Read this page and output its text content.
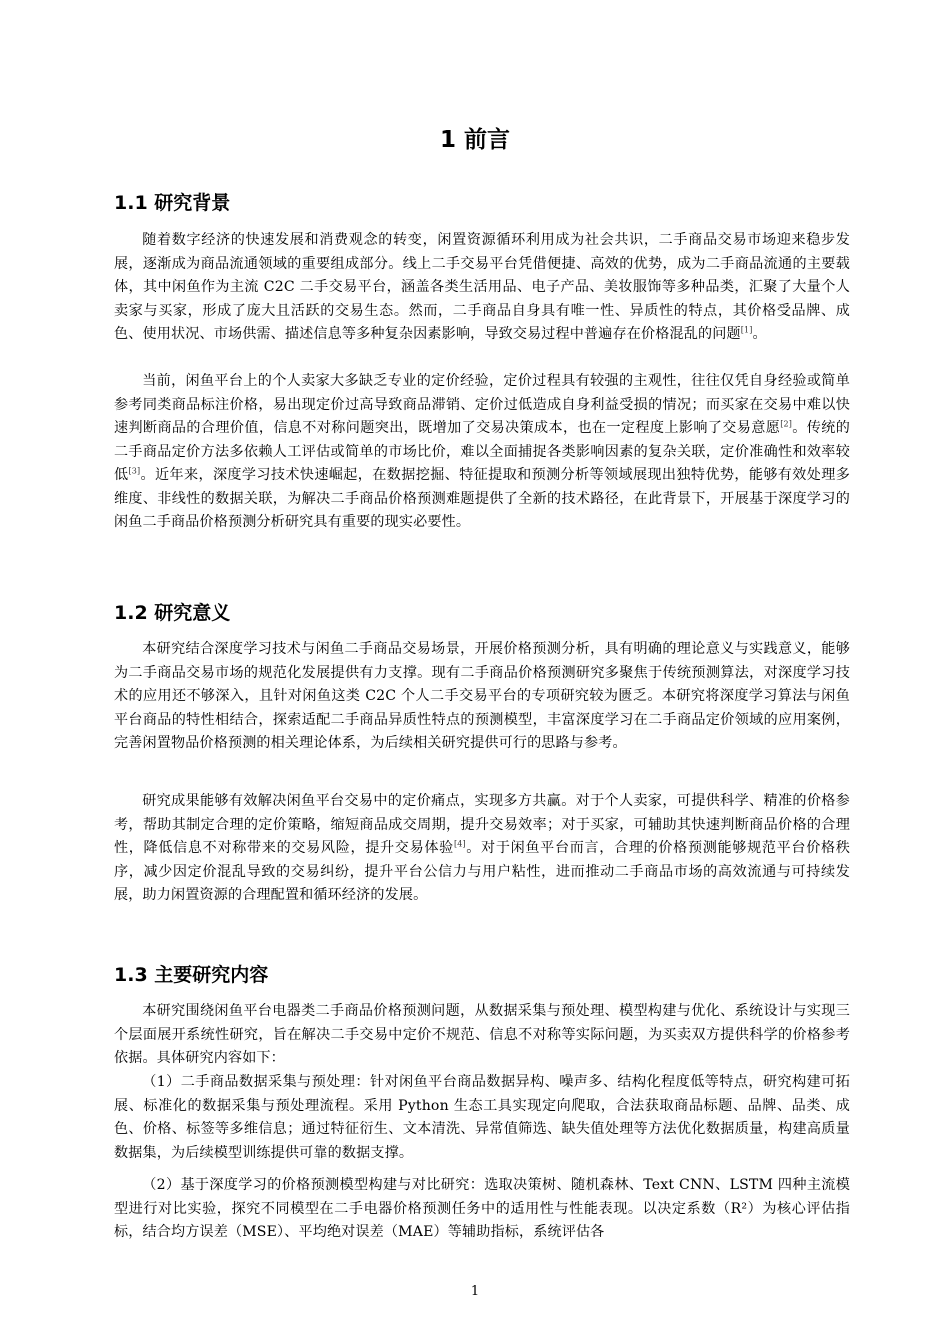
1 前言
1.1 研究背景

随着数字经济的快速发展和消费观念的转变，闲置资源循环利用成为社会共识，二手商品交易市场迎来稳步发展，逐渐成为商品流通领域的重要组成部分。线上二手交易平台凭借便捷、高效的优势，成为二手商品流通的主要载体，其中闲鱼作为主流 C2C 二手交易平台，涵盖各类生活用品、电子产品、美妆服饰等多种品类，汇聚了大量个人卖家与买家，形成了庞大且活跃的交易生态。然而，二手商品自身具有唯一性、异质性的特点，其价格受品牌、成色、使用状况、市场供需、描述信息等多种复杂因素影响，导致交易过程中普遍存在价格混乱的问题[1]。

当前，闲鱼平台上的个人卖家大多缺乏专业的定价经验，定价过程具有较强的主观性，往往仅凭自身经验或简单参考同类商品标注价格，易出现定价过高导致商品滞销、定价过低造成自身利益受损的情况；而买家在交易中难以快速判断商品的合理价值，信息不对称问题突出，既增加了交易决策成本，也在一定程度上影响了交易意愿[2]。传统的二手商品定价方法多依赖人工评估或简单的市场比价，难以全面捕捉各类影响因素的复杂关联，定价准确性和效率较低[3]。近年来，深度学习技术快速崛起，在数据挖掘、特征提取和预测分析等领域展现出独特优势，能够有效处理多维度、非线性的数据关联，为解决二手商品价格预测难题提供了全新的技术路径，在此背景下，开展基于深度学习的闲鱼二手商品价格预测分析研究具有重要的现实必要性。

1.2 研究意义

本研究结合深度学习技术与闲鱼二手商品交易场景，开展价格预测分析，具有明确的理论意义与实践意义，能够为二手商品交易市场的规范化发展提供有力支撑。现有二手商品价格预测研究多聚焦于传统预测算法，对深度学习技术的应用还不够深入，且针对闲鱼这类 C2C 个人二手交易平台的专项研究较为匮乏。本研究将深度学习算法与闲鱼平台商品的特性相结合，探索适配二手商品异质性特点的预测模型，丰富深度学习在二手商品定价领域的应用案例，完善闲置物品价格预测的相关理论体系，为后续相关研究提供可行的思路与参考。

研究成果能够有效解决闲鱼平台交易中的定价痛点，实现多方共赢。对于个人卖家，可提供科学、精准的价格参考，帮助其制定合理的定价策略，缩短商品成交周期，提升交易效率；对于买家，可辅助其快速判断商品价格的合理性，降低信息不对称带来的交易风险，提升交易体验[4]。对于闲鱼平台而言，合理的价格预测能够规范平台价格秩序，减少因定价混乱导致的交易纠纷，提升平台公信力与用户粘性，进而推动二手商品市场的高效流通与可持续发展，助力闲置资源的合理配置和循环经济的发展。

1.3 主要研究内容

本研究围绕闲鱼平台电器类二手商品价格预测问题，从数据采集与预处理、模型构建与优化、系统设计与实现三个层面展开系统性研究，旨在解决二手交易中定价不规范、信息不对称等实际问题，为买卖双方提供科学的价格参考依据。具体研究内容如下：

（1）二手商品数据采集与预处理：针对闲鱼平台商品数据异构、噪声多、结构化程度低等特点，研究构建可拓展、标准化的数据采集与预处理流程。采用 Python 生态工具实现定向爬取，合法获取商品标题、品牌、品类、成色、价格、标签等多维信息；通过特征衍生、文本清洗、异常值筛选、缺失值处理等方法优化数据质量，构建高质量数据集，为后续模型训练提供可靠的数据支撑。

（2）基于深度学习的价格预测模型构建与对比研究：选取决策树、随机森林、Text CNN、LSTM 四种主流模型进行对比实验，探究不同模型在二手电器价格预测任务中的适用性与性能表现。以决定系数（R²）为核心评估指标，结合均方误差（MSE）、平均绝对误差（MAE）等辅助指标，系统评估各

1
